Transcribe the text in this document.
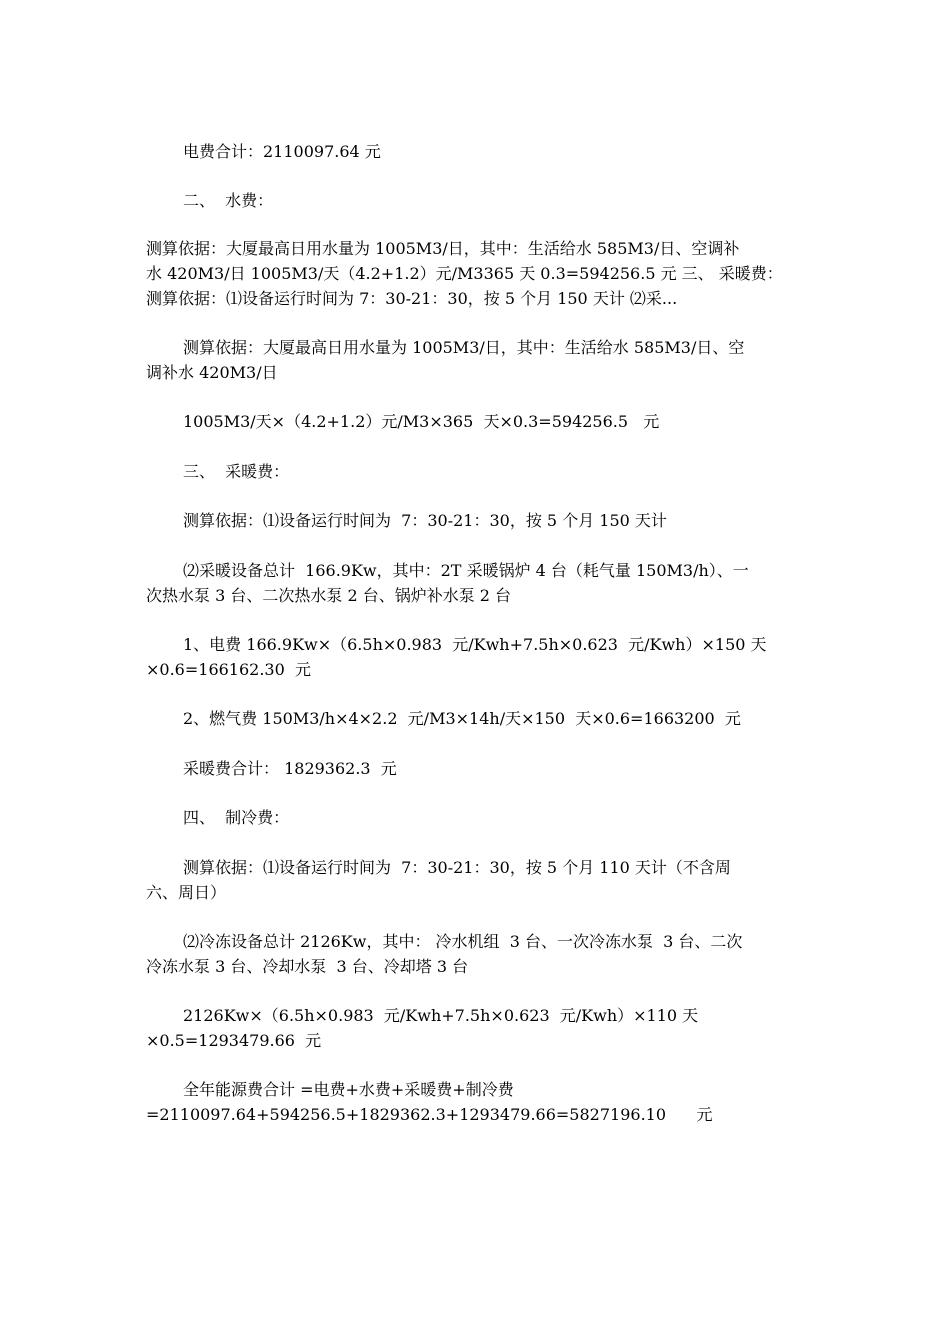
电费合计：2110097.64 元
二、  水费：
测算依据：大厦最高日用水量为 1005M3/日，其中：生活给水 585M3/日、空调补
水 420M3/日 1005M3/天（4.2+1.2）元/M3365 天 0.3=594256.5 元 三、 采暖费：
测算依据：⑴设备运行时间为 7：30-21：30，按 5 个月 150 天计 ⑵采...
测算依据：大厦最高日用水量为 1005M3/日，其中：生活给水 585M3/日、空
调补水 420M3/日
1005M3/天×（4.2+1.2）元/M3×365  天×0.3=594256.5   元
三、  采暖费：
测算依据：⑴设备运行时间为  7：30-21：30，按 5 个月 150 天计
⑵采暖设备总计  166.9Kw，其中：2T 采暖锅炉 4 台（耗气量 150M3/h）、一
次热水泵 3 台、二次热水泵 2 台、锅炉补水泵 2 台
1、电费 166.9Kw×（6.5h×0.983  元/Kwh+7.5h×0.623  元/Kwh）×150 天
×0.6=166162.30  元
2、燃气费 150M3/h×4×2.2  元/M3×14h/天×150  天×0.6=1663200  元
采暖费合计： 1829362.3  元
四、  制冷费：
测算依据：⑴设备运行时间为  7：30-21：30，按 5 个月 110 天计（不含周
六、周日）
⑵冷冻设备总计 2126Kw，其中： 冷水机组  3 台、一次冷冻水泵  3 台、二次
冷冻水泵 3 台、冷却水泵  3 台、冷却塔 3 台
2126Kw×（6.5h×0.983  元/Kwh+7.5h×0.623  元/Kwh）×110 天
×0.5=1293479.66  元
全年能源费合计 =电费+水费+采暖费+制冷费
=2110097.64+594256.5+1829362.3+1293479.66=5827196.10      元
